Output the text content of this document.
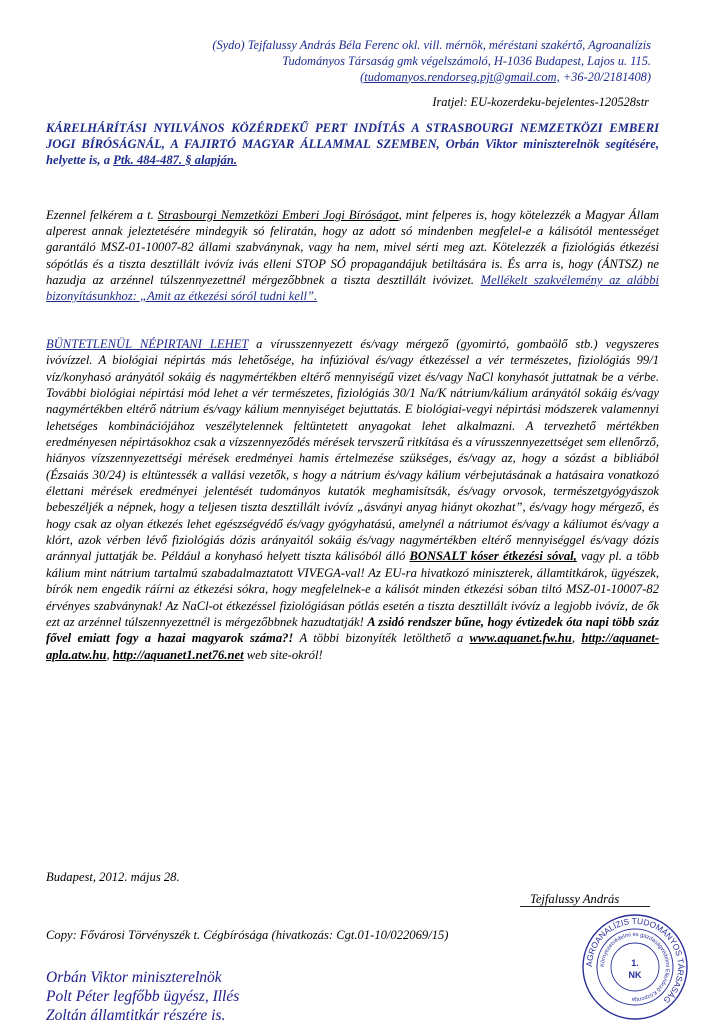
(Sydo) Tejfalussy András Béla Ferenc okl. vill. mérnök, méréstani szakértő, Agroanalízis
Tudományos Társaság gmk végelszámoló, H-1036 Budapest, Lajos u. 115.
(tudomanyos.rendorseg.pjt@gmail.com, +36-20/2181408)
Iratjel: EU-kozerdeku-bejelentes-120528str
KÁRELHÁRÍTÁSI NYILVÁNOS KÖZÉRDEKŰ PERT INDÍTÁS A STRASBOURGI NEMZETKÖZI EMBERI JOGI BÍRÓSÁGNÁL, A FAJIRTÓ MAGYAR ÁLLAMMAL SZEMBEN, Orbán Viktor miniszterelnök segítésére, helyette is, a Ptk. 484-487. § alapján.
Ezennel felkérem a t. Strasbourgi Nemzetközi Emberi Jogi Bíróságot, mint felperes is, hogy kötelezzék a Magyar Állam alperest annak jeleztetésére mindegyik só feliratán, hogy az adott só mindenben megfelel-e a kálisótól mentességet garantáló MSZ-01-10007-82 állami szabványnak, vagy ha nem, mivel sérti meg azt. Kötelezzék a fiziológiás étkezési sópótlás és a tiszta desztillált ivóvíz ivás elleni STOP SÓ propagandájuk betiltására is. És arra is, hogy (ÁNTSZ) ne hazudja az arzénnel túlszennyezettnél mérgezőbbnek a tiszta desztillált ivóvizet. Mellékelt szakvélemény az alábbi bizonyításunkhoz: „Amit az étkezési sóról tudni kell”.
BÜNTETLENÜL NÉPIRTANI LEHET a vírusszennyezett és/vagy mérgező (gyomirtó, gombaölő stb.) vegyszeres ivóvízzel. A biológiai népirtás más lehetősége, ha infúzióval és/vagy étkezéssel a vér természetes, fiziológiás 99/1 víz/konyhasó arányától sokáig és nagymértékben eltérő mennyiségű vizet és/vagy NaCl konyhasót juttatnak be a vérbe. További biológiai népirtási mód lehet a vér természetes, fiziológiás 30/1 Na/K nátrium/kálium arányától sokáig és/vagy nagymértékben eltérő nátrium és/vagy kálium mennyiséget bejuttatás. E biológiai-vegyi népirtási módszerek valamennyi lehetséges kombinációjához veszélytelennek feltüntetett anyagokat lehet alkalmazni. A tervezhető mértékben eredményesen népirtásokhoz csak a vízszennyeződés mérések tervszerű ritkítása és a vírusszennyezettséget sem ellenőrző, hiányos vízszennyezettségi mérések eredményei hamis értelmezése szükséges, és/vagy az, hogy a sózást a bibliából (Ézsaiás 30/24) is eltüntessék a vallási vezetők, s hogy a nátrium és/vagy kálium vérbejutásának a hatásaira vonatkozó élettani mérések eredményei jelentését tudományos kutatók meghamisítsák, és/vagy orvosok, természetgyógyászok bebeszéljék a népnek, hogy a teljesen tiszta desztillált ivóvíz „ásványi anyag hiányt okozhat”, és/vagy hogy mérgező, és hogy csak az olyan étkezés lehet egészségvédő és/vagy gyógyhatású, amelynél a nátriumot és/vagy a káliumot és/vagy a klórt, azok vérben lévő fiziológiás dózis arányaitól sokáig és/vagy nagymértékben eltérő mennyiséggel és/vagy dózis aránnyal juttatják be. Például a konyhasó helyett tiszta kálisóból álló BONSALT kóser étkezési sóval, vagy pl. a több kálium mint nátrium tartalmú szabadalmaztatott VIVEGA-val! Az EU-ra hivatkozó miniszterek, államtitkárok, ügyészek, bírók nem engedik ráírni az étkezési sókra, hogy megfelelnek-e a kálisót minden étkezési sóban tiltó MSZ-01-10007-82 érvényes szabványnak! Az NaCl-ot étkezéssel fiziológiásan pótlás esetén a tiszta desztillált ivóvíz a legjobb ivóvíz, de ők ezt az arzénnel túlszennyezettnél is mérgezőbbnek hazudtatják! A zsidó rendszer bűne, hogy évtizedek óta napi több száz fővel emiatt fogy a hazai magyarok száma?! A többi bizonyíték letölthető a www.aquanet.fw.hu, http://aquanet-apla.atw.hu, http://aquanet1.net76.net web site-okról!
Budapest, 2012. május 28.
Tejfalussy András
Copy: Fővárosi Törvényszék t. Cégbírósága (hivatkozás: Cgt.01-10/022069/15)
Orbán Viktor miniszterelnök
Polt Péter legfőbb ügyész, Illés
Zoltán államtitkár részére is.
AGROANALÍZIS TUDOMÁNYOS TÁRSASÁG
Környezetvédelmi és gazdaságvédelmi Ellenőrző Központja
1.
NK
